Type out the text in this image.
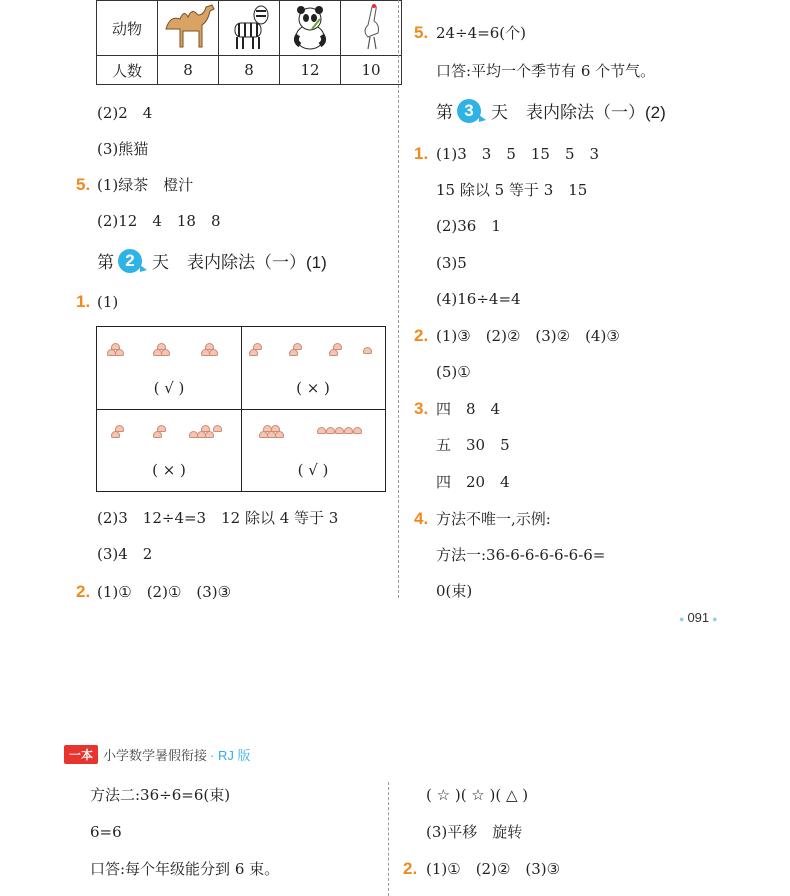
动物				
人数	8	8	12	10
(2)2　4
(3)熊猫
5. (1)绿茶　橙汁
(2)12　4　18　8
第 2	天 表内除法（一）(1)
1. (1)
( √ )	( × )
( × )	( √ )
(2)3　12÷4=3　12 除以 4 等于 3
(3)4　2
2. (1)①　(2)①　(3)③
5. 24÷4=6(个)
口答:平均一个季节有 6 个节气。
第 3	天 表内除法（一）(2)
1. (1)3　3　5　15　5　3
15 除以 5 等于 3　15
(2)36　1
(3)5
(4)16÷4=4
2. (1)③　(2)②　(3)②　(4)③
(5)①
3. 四　8　4
五　30　5
四　20　4
4. 方法不唯一,示例:
方法一:36-6-6-6-6-6-6=
0(束)
● 091 ●
一本 小学数学暑假衔接 · RJ 版
方法二:36÷6=6(束)
6=6
口答:每个年级能分到 6 束。
( ☆ )( ☆ )( △ )
(3)平移　旋转
2. (1)①　(2)②　(3)③
